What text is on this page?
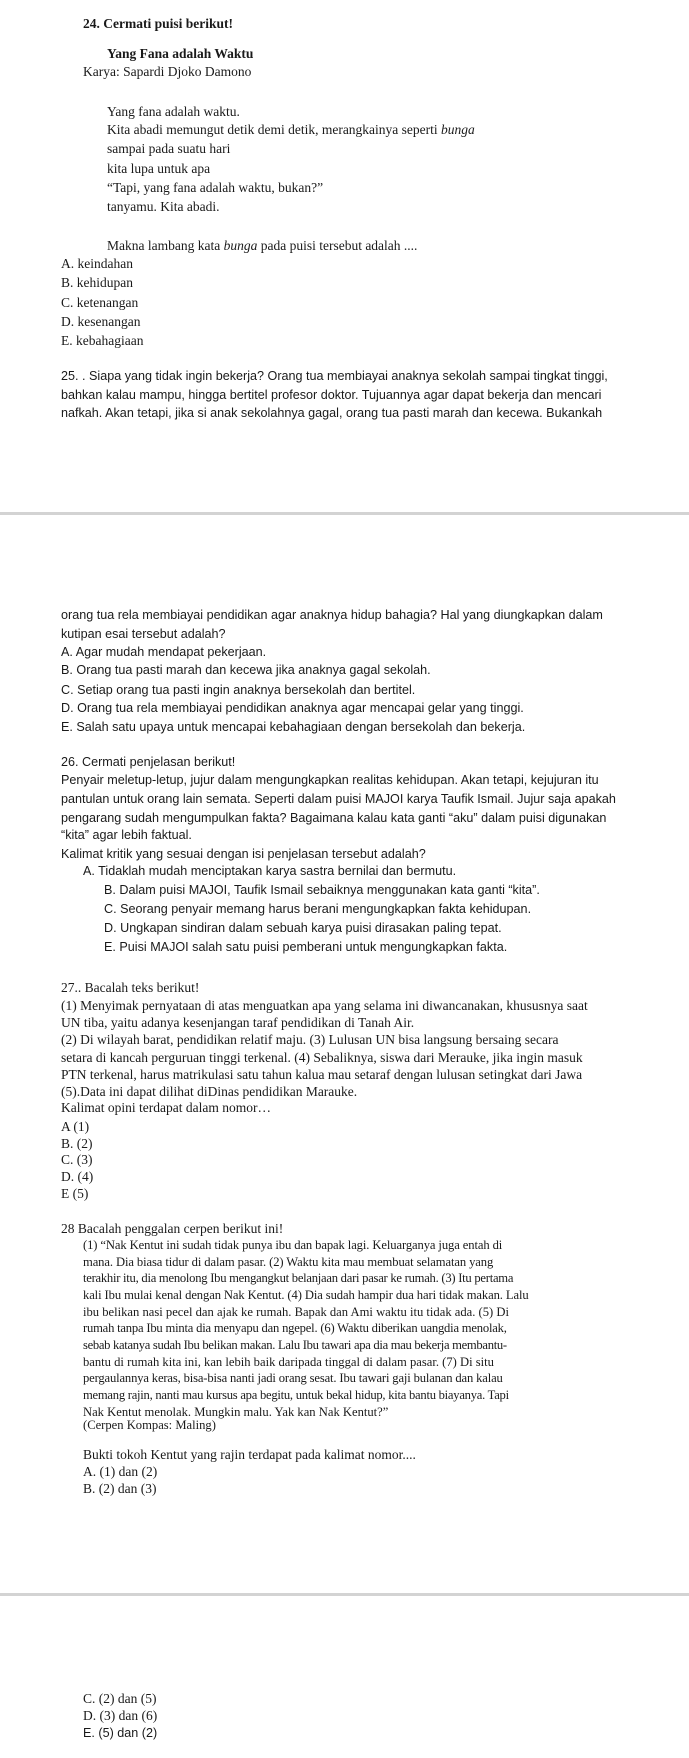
24. Cermati puisi berikut!
Yang Fana adalah Waktu
Karya: Sapardi Djoko Damono
Yang fana adalah waktu.
Kita abadi memungut detik demi detik, merangkainya seperti bunga
sampai pada suatu hari
kita lupa untuk apa
“Tapi, yang fana adalah waktu, bukan?”
tanyamu. Kita abadi.
Makna lambang kata bunga pada puisi tersebut adalah ....
A. keindahan
B. kehidupan
C. ketenangan
D. kesenangan
E. kebahagiaan
25. . Siapa yang tidak ingin bekerja? Orang tua membiayai anaknya sekolah sampai tingkat tinggi,
bahkan kalau mampu, hingga bertitel profesor doktor. Tujuannya agar dapat bekerja dan mencari
nafkah. Akan tetapi, jika si anak sekolahnya gagal, orang tua pasti marah dan kecewa. Bukankah
orang tua rela membiayai pendidikan agar anaknya hidup bahagia? Hal yang diungkapkan dalam
kutipan esai tersebut adalah?
A. Agar mudah mendapat pekerjaan.
B. Orang tua pasti marah dan kecewa jika anaknya gagal sekolah.
C. Setiap orang tua pasti ingin anaknya bersekolah dan bertitel.
D. Orang tua rela membiayai pendidikan anaknya agar mencapai gelar yang tinggi.
E. Salah satu upaya untuk mencapai kebahagiaan dengan bersekolah dan bekerja.
26. Cermati penjelasan berikut!
Penyair meletup-letup, jujur dalam mengungkapkan realitas kehidupan. Akan tetapi, kejujuran itu
pantulan untuk orang lain semata. Seperti dalam puisi MAJOI karya Taufik Ismail. Jujur saja apakah
pengarang sudah mengumpulkan fakta? Bagaimana kalau kata ganti “aku” dalam puisi digunakan
“kita” agar lebih faktual.
Kalimat kritik yang sesuai dengan isi penjelasan tersebut adalah?
A. Tidaklah mudah menciptakan karya sastra bernilai dan bermutu.
B. Dalam puisi MAJOI, Taufik Ismail sebaiknya menggunakan kata ganti “kita”.
C. Seorang penyair memang harus berani mengungkapkan fakta kehidupan.
D. Ungkapan sindiran dalam sebuah karya puisi dirasakan paling tepat.
E. Puisi MAJOI salah satu puisi pemberani untuk mengungkapkan fakta.
27.. Bacalah teks berikut!
(1) Menyimak pernyataan di atas menguatkan apa yang selama ini diwancanakan, khususnya saat
UN tiba, yaitu adanya kesenjangan taraf pendidikan di Tanah Air.
(2) Di wilayah barat, pendidikan relatif maju. (3) Lulusan UN bisa langsung bersaing secara
setara di kancah perguruan tinggi terkenal. (4) Sebaliknya, siswa dari Merauke, jika ingin masuk
PTN terkenal, harus matrikulasi satu tahun kalua mau setaraf dengan lulusan setingkat dari Jawa
(5).Data ini dapat dilihat diDinas pendidikan Marauke.
Kalimat opini terdapat dalam nomor…
A (1)
B. (2)
C. (3)
D. (4)
E (5)
28 Bacalah penggalan cerpen berikut ini!
(1) “Nak Kentut ini sudah tidak punya ibu dan bapak lagi. Keluarganya juga entah di
mana. Dia biasa tidur di dalam pasar. (2) Waktu kita mau membuat selamatan yang
terakhir itu, dia menolong Ibu mengangkut belanjaan dari pasar ke rumah. (3) Itu pertama
kali Ibu mulai kenal dengan Nak Kentut. (4) Dia sudah hampir dua hari tidak makan. Lalu
ibu belikan nasi pecel dan ajak ke rumah. Bapak dan Ami waktu itu tidak ada. (5) Di
rumah tanpa Ibu minta dia menyapu dan ngepel. (6) Waktu diberikan uangdia menolak,
sebab katanya sudah Ibu belikan makan. Lalu Ibu tawari apa dia mau bekerja membantu-
bantu di rumah kita ini, kan lebih baik daripada tinggal di dalam pasar. (7) Di situ
pergaulannya keras, bisa-bisa nanti jadi orang sesat. Ibu tawari gaji bulanan dan kalau
memang rajin, nanti mau kursus apa begitu, untuk bekal hidup, kita bantu biayanya. Tapi
Nak Kentut menolak. Mungkin malu. Yak kan Nak Kentut?”
(Cerpen Kompas: Maling)
Bukti tokoh Kentut yang rajin terdapat pada kalimat nomor....
A. (1) dan (2)
B. (2) dan (3)
C. (2) dan (5)
D. (3) dan (6)
E. (5) dan (2)
